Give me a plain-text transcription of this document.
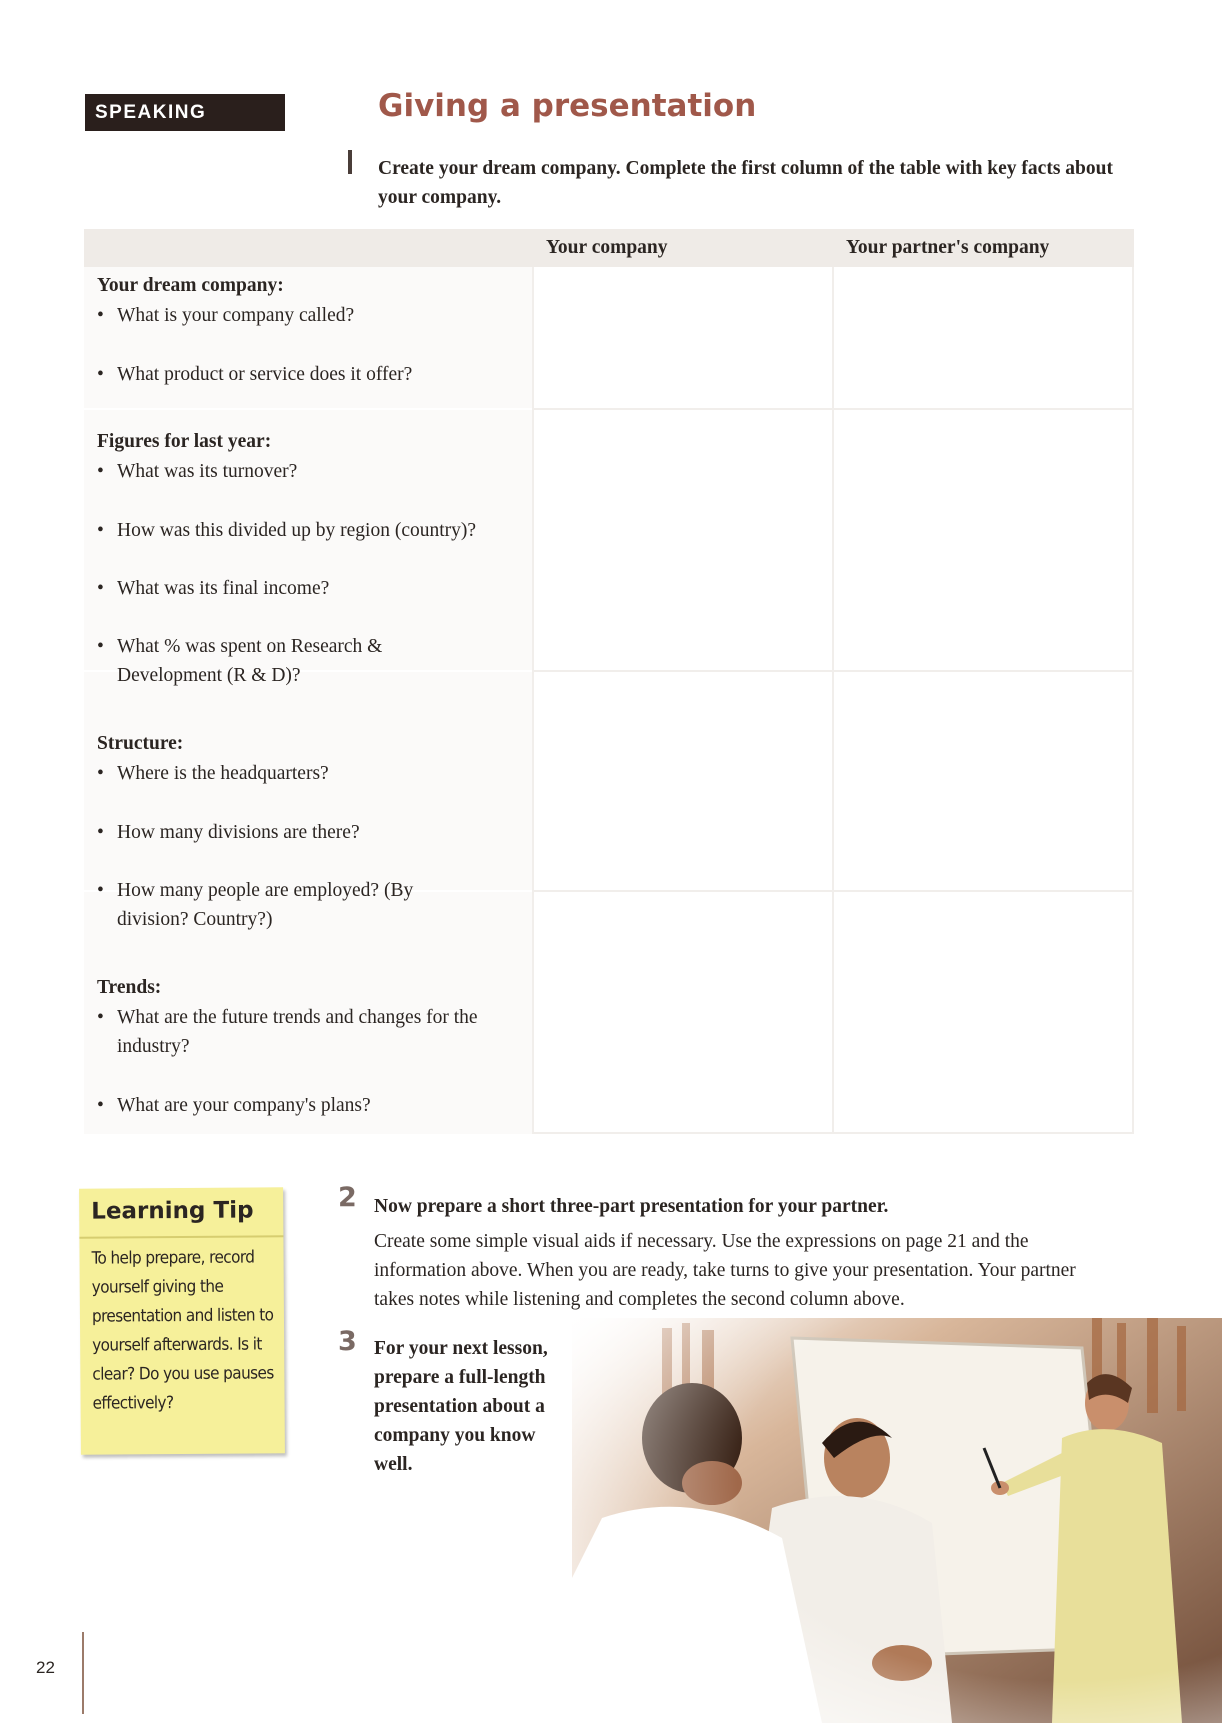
SPEAKING	Giving a presentation

Create your dream company. Complete the first column of the table with key facts about your company.

Your company	Your partner's company

Your dream company:

• What is your company called?

• What product or service does it offer?

Figures for last year:

• What was its turnover?

• How was this divided up by region (country)?

• What was its final income?

• What % was spent on Research & Development (R & D)?

Structure:

• Where is the headquarters?

• How many divisions are there?

• How many people are employed? (By division? Country?)

Trends:

• What are the future trends and changes for the industry?

• What are your company's plans?

Learning Tip

To help prepare, record yourself giving the presentation and listen to yourself afterwards. Is it clear? Do you use pauses effectively?

2 Now prepare a short three-part presentation for your partner.

Create some simple visual aids if necessary. Use the expressions on page 21 and the information above. When you are ready, take turns to give your presentation. Your partner takes notes while listening and completes the second column above.

3 For your next lesson, prepare a full-length presentation about a company you know well.

22
